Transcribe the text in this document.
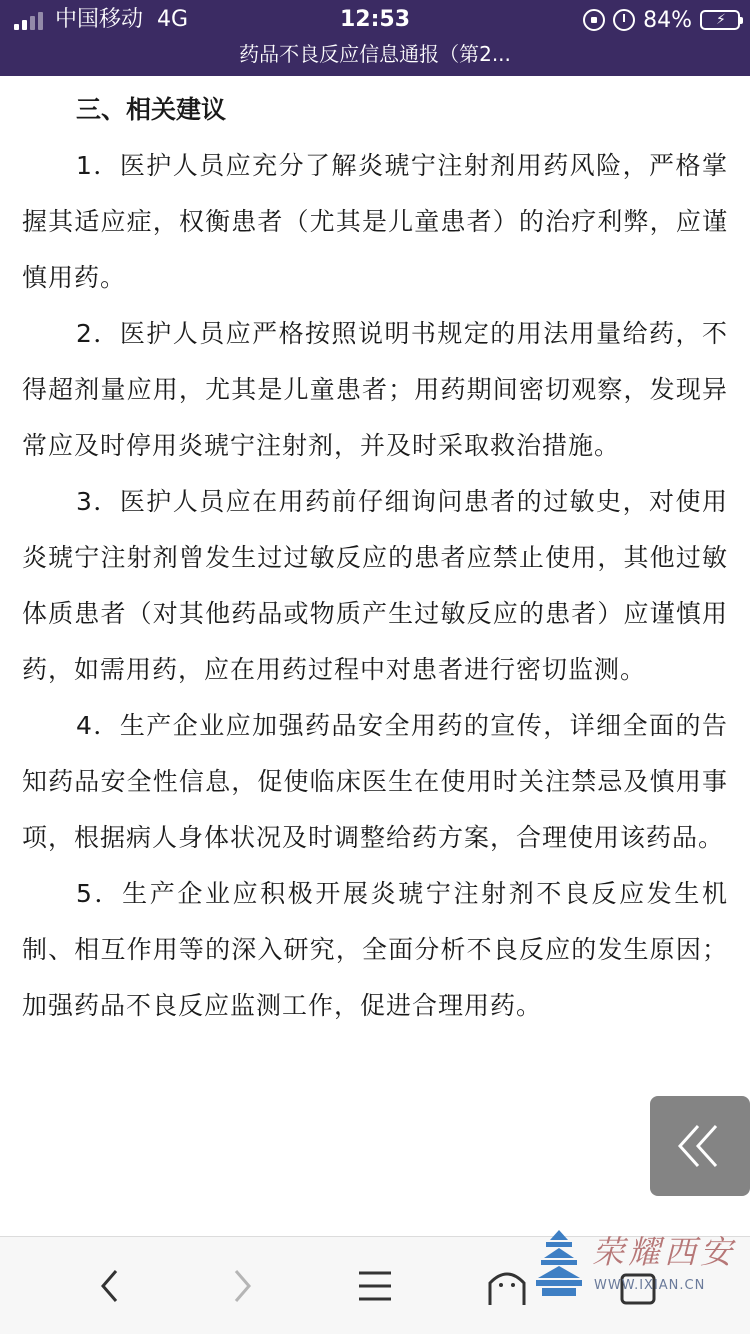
中国移动 4G	12:53	84% ⚡
药品不良反应信息通报（第2...
三、相关建议

1．医护人员应充分了解炎琥宁注射剂用药风险，严格掌握其适应症，权衡患者（尤其是儿童患者）的治疗利弊，应谨慎用药。

2．医护人员应严格按照说明书规定的用法用量给药，不得超剂量应用，尤其是儿童患者；用药期间密切观察，发现异常应及时停用炎琥宁注射剂，并及时采取救治措施。

3．医护人员应在用药前仔细询问患者的过敏史，对使用炎琥宁注射剂曾发生过过敏反应的患者应禁止使用，其他过敏体质患者（对其他药品或物质产生过敏反应的患者）应谨慎用药，如需用药，应在用药过程中对患者进行密切监测。

4．生产企业应加强药品安全用药的宣传，详细全面的告知药品安全性信息，促使临床医生在使用时关注禁忌及慎用事项，根据病人身体状况及时调整给药方案，合理使用该药品。

5．生产企业应积极开展炎琥宁注射剂不良反应发生机制、相互作用等的深入研究，全面分析不良反应的发生原因；加强药品不良反应监测工作，促进合理用药。

荣耀西安
WWW.IXIAN.CN
